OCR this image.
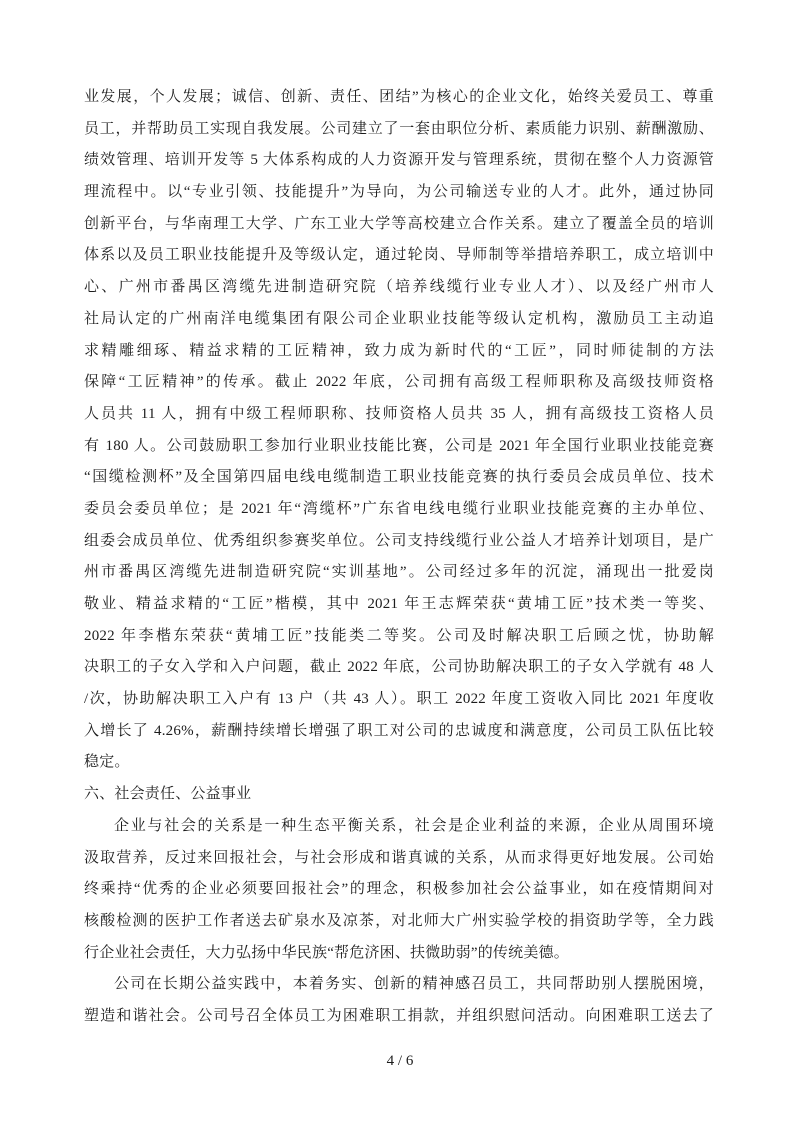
业发展，个人发展；诚信、创新、责任、团结”为核心的企业文化，始终关爱员工、尊重
员工，并帮助员工实现自我发展。公司建立了一套由职位分析、素质能力识别、薪酬激励、
绩效管理、培训开发等 5 大体系构成的人力资源开发与管理系统，贯彻在整个人力资源管
理流程中。以“专业引领、技能提升”为导向，为公司输送专业的人才。此外，通过协同
创新平台，与华南理工大学、广东工业大学等高校建立合作关系。建立了覆盖全员的培训
体系以及员工职业技能提升及等级认定，通过轮岗、导师制等举措培养职工，成立培训中
心、广州市番禺区湾缆先进制造研究院（培养线缆行业专业人才）、以及经广州市人
社局认定的广州南洋电缆集团有限公司企业职业技能等级认定机构，激励员工主动追
求精雕细琢、精益求精的工匠精神，致力成为新时代的“工匠”，同时师徒制的方法
保障“工匠精神”的传承。截止 2022 年底，公司拥有高级工程师职称及高级技师资格
人员共 11 人，拥有中级工程师职称、技师资格人员共 35 人，拥有高级技工资格人员
有 180 人。公司鼓励职工参加行业职业技能比赛，公司是 2021 年全国行业职业技能竞赛
“国缆检测杯”及全国第四届电线电缆制造工职业技能竞赛的执行委员会成员单位、技术
委员会委员单位；是 2021 年“湾缆杯”广东省电线电缆行业职业技能竞赛的主办单位、
组委会成员单位、优秀组织参赛奖单位。公司支持线缆行业公益人才培养计划项目，是广
州市番禺区湾缆先进制造研究院“实训基地”。公司经过多年的沉淀，涌现出一批爱岗
敬业、精益求精的“工匠”楷模，其中 2021 年王志辉荣获“黄埔工匠”技术类一等奖、
2022 年李楷东荣获“黄埔工匠”技能类二等奖。公司及时解决职工后顾之忧，协助解
决职工的子女入学和入户问题，截止 2022 年底，公司协助解决职工的子女入学就有 48 人
/次，协助解决职工入户有 13 户（共 43 人）。职工 2022 年度工资收入同比 2021 年度收
入增长了 4.26%，薪酬持续增长增强了职工对公司的忠诚度和满意度，公司员工队伍比较
稳定。
六、社会责任、公益事业
企业与社会的关系是一种生态平衡关系，社会是企业利益的来源，企业从周围环境
汲取营养，反过来回报社会，与社会形成和谐真诚的关系，从而求得更好地发展。公司始
终乘持“优秀的企业必须要回报社会”的理念，积极参加社会公益事业，如在疫情期间对
核酸检测的医护工作者送去矿泉水及凉茶，对北师大广州实验学校的捐资助学等，全力践
行企业社会责任，大力弘扬中华民族“帮危济困、扶微助弱”的传统美德。
公司在长期公益实践中，本着务实、创新的精神感召员工，共同帮助别人摆脱困境，
塑造和谐社会。公司号召全体员工为困难职工捐款，并组织慰问活动。向困难职工送去了
4 / 6
